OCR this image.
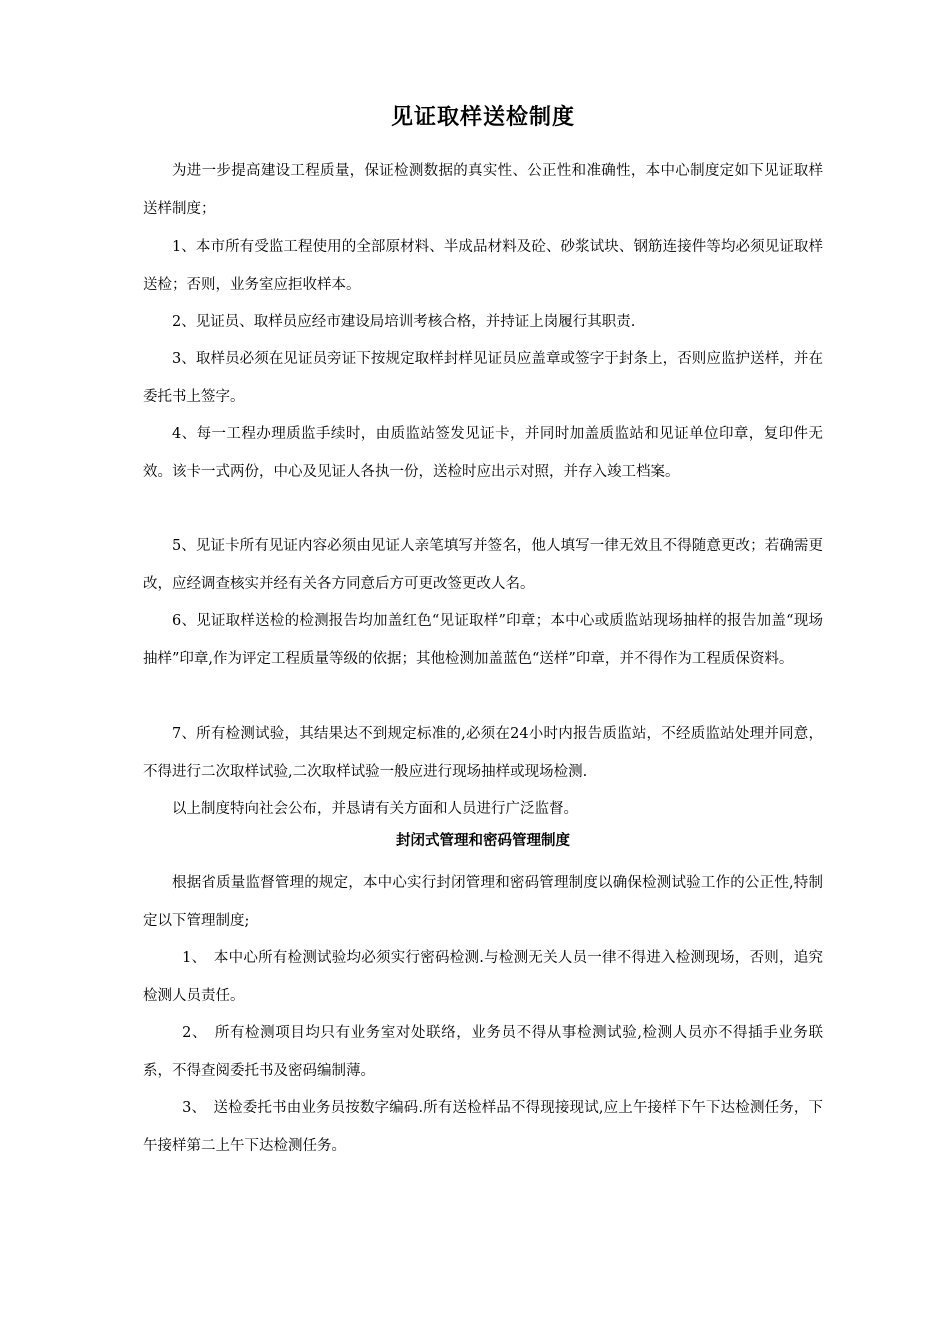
见证取样送检制度

为进一步提高建设工程质量，保证检测数据的真实性、公正性和准确性，本中心制度定如下见证取样送样制度；

1、本市所有受监工程使用的全部原材料、半成品材料及砼、砂浆试块、钢筋连接件等均必须见证取样送检；否则，业务室应拒收样本。

2、见证员、取样员应经市建设局培训考核合格，并持证上岗履行其职责.

3、取样员必须在见证员旁证下按规定取样封样见证员应盖章或签字于封条上，否则应监护送样，并在委托书上签字。

4、每一工程办理质监手续时，由质监站签发见证卡，并同时加盖质监站和见证单位印章，复印件无效。该卡一式两份，中心及见证人各执一份，送检时应出示对照，并存入竣工档案。

5、见证卡所有见证内容必须由见证人亲笔填写并签名，他人填写一律无效且不得随意更改；若确需更改，应经调查核实并经有关各方同意后方可更改签更改人名。

6、见证取样送检的检测报告均加盖红色“见证取样”印章；本中心或质监站现场抽样的报告加盖“现场抽样”印章,作为评定工程质量等级的依据；其他检测加盖蓝色“送样”印章，并不得作为工程质保资料。

7、所有检测试验，其结果达不到规定标准的,必须在24小时内报告质监站，不经质监站处理并同意，不得进行二次取样试验,二次取样试验一般应进行现场抽样或现场检测.

以上制度特向社会公布，并恳请有关方面和人员进行广泛监督。

封闭式管理和密码管理制度

根据省质量监督管理的规定，本中心实行封闭管理和密码管理制度以确保检测试验工作的公正性,特制定以下管理制度;

1、　本中心所有检测试验均必须实行密码检测.与检测无关人员一律不得进入检测现场，否则，追究检测人员责任。

2、　所有检测项目均只有业务室对处联络，业务员不得从事检测试验,检测人员亦不得插手业务联系，不得查阅委托书及密码编制薄。

3、　送检委托书由业务员按数字编码.所有送检样品不得现接现试,应上午接样下午下达检测任务，下午接样第二上午下达检测任务。
